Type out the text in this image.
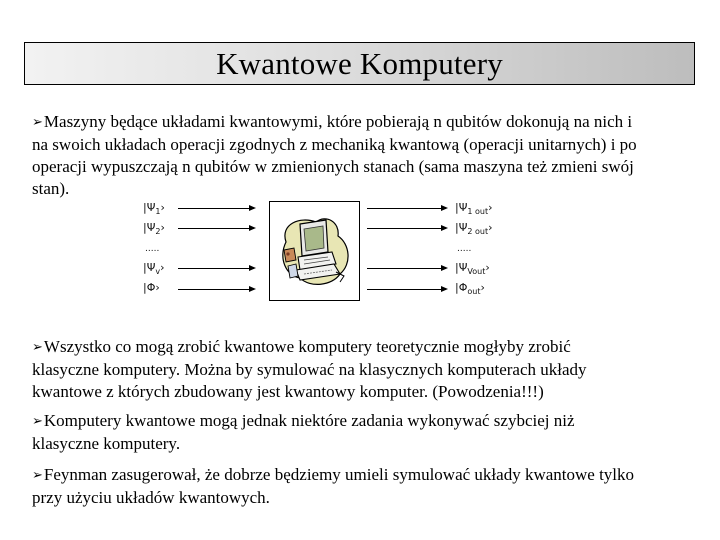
Kwantowe Komputery
➢Maszyny będące układami kwantowymi, które pobierają n qubitów dokonują na nich i
na swoich układach operacji zgodnych z mechaniką kwantową (operacji unitarnych) i po
operacji wypuszczają n qubitów w zmienionych stanach (sama maszyna też zmieni swój
stan).
$|\Psi_1›$
$|\Psi_2›$
.....
$|\Psi_v›$
|Φ›
$|\Psi_{1 out}›$
$|\Psi_{2 out}›$
.....
$|\Psi_{Vout}›$
$|\Phi_{out}›$
➢Wszystko co mogą zrobić kwantowe komputery teoretycznie mogłyby zrobić
klasyczne komputery. Można by symulować na klasycznych komputerach układy
kwantowe z których zbudowany jest kwantowy komputer. (Powodzenia!!!)
➢Komputery kwantowe mogą jednak niektóre zadania wykonywać szybciej niż
klasyczne komputery.
➢Feynman zasugerował, że dobrze będziemy umieli symulować układy kwantowe tylko
przy użyciu układów kwantowych.
